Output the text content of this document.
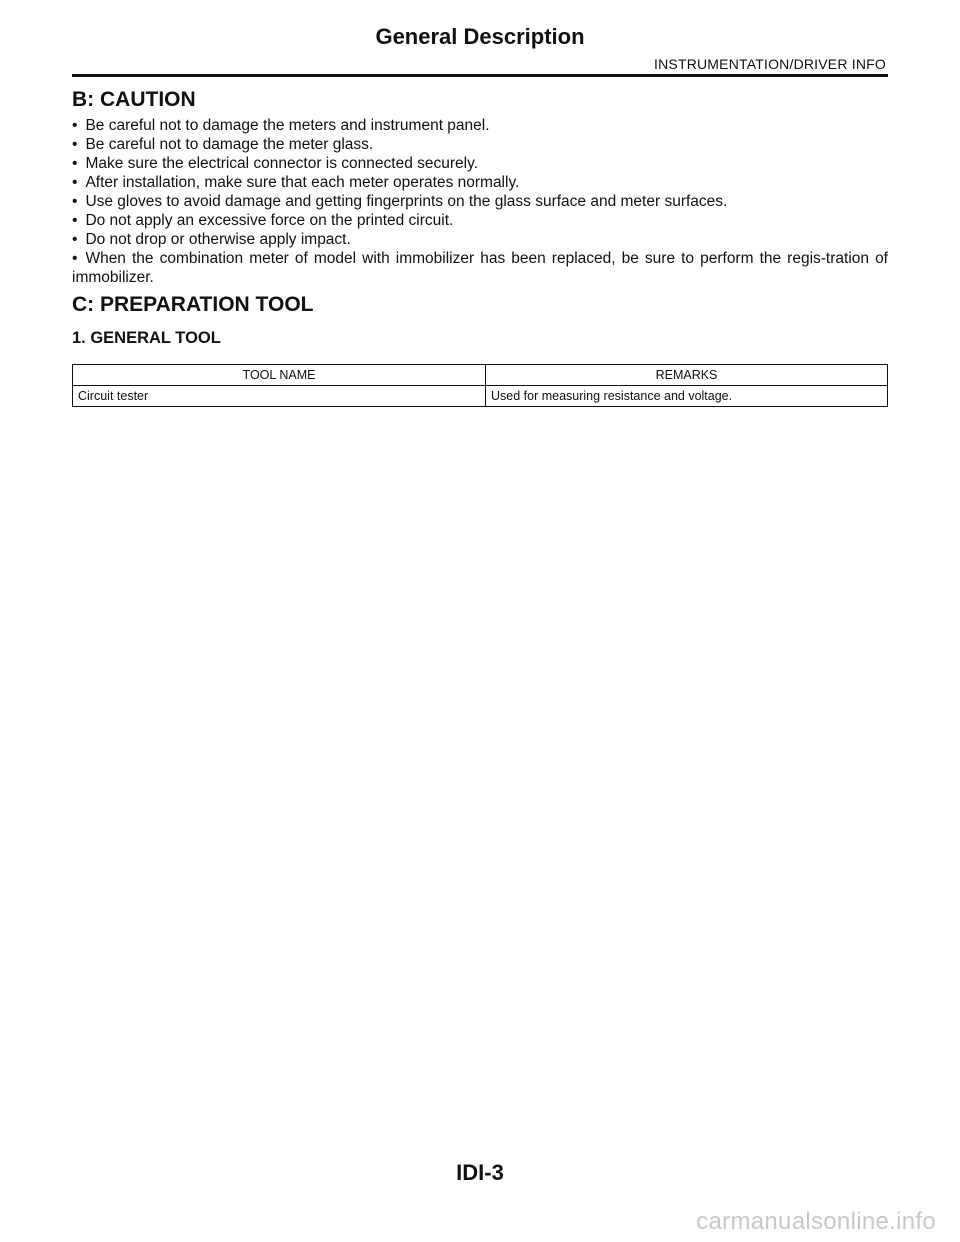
General Description
INSTRUMENTATION/DRIVER INFO
B: CAUTION
• Be careful not to damage the meters and instrument panel.
• Be careful not to damage the meter glass.
• Make sure the electrical connector is connected securely.
• After installation, make sure that each meter operates normally.
• Use gloves to avoid damage and getting fingerprints on the glass surface and meter surfaces.
• Do not apply an excessive force on the printed circuit.
• Do not drop or otherwise apply impact.
• When the combination meter of model with immobilizer has been replaced, be sure to perform the regis-tration of immobilizer.
C: PREPARATION TOOL
1. GENERAL TOOL
TOOL NAME	REMARKS
Circuit tester	Used for measuring resistance and voltage.
IDI-3
carmanualsonline.info
